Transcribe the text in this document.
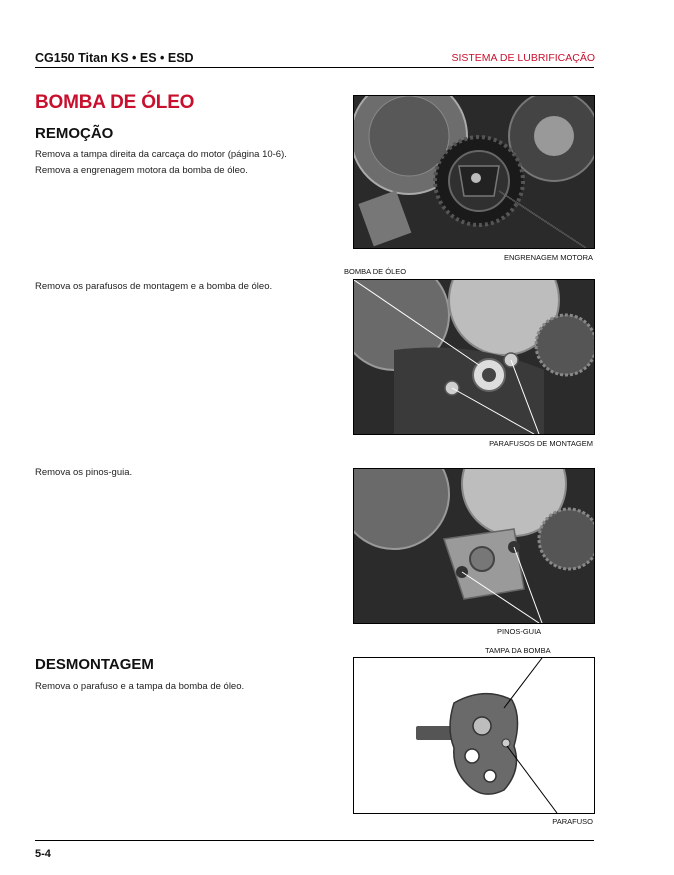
CG150 Titan KS • ES • ESD	SISTEMA DE LUBRIFICAÇÃO
BOMBA DE ÓLEO
REMOÇÃO
Remova a tampa direita da carcaça do motor (página 10-6).
Remova a engrenagem motora da bomba de óleo.
Remova os parafusos de montagem e a bomba de óleo.
Remova os pinos-guia.
DESMONTAGEM
Remova o parafuso e a tampa da bomba de óleo.
ENGRENAGEM MOTORA
BOMBA DE ÓLEO
PARAFUSOS DE MONTAGEM
PINOS-GUIA
TAMPA DA BOMBA
PARAFUSO
5-4
